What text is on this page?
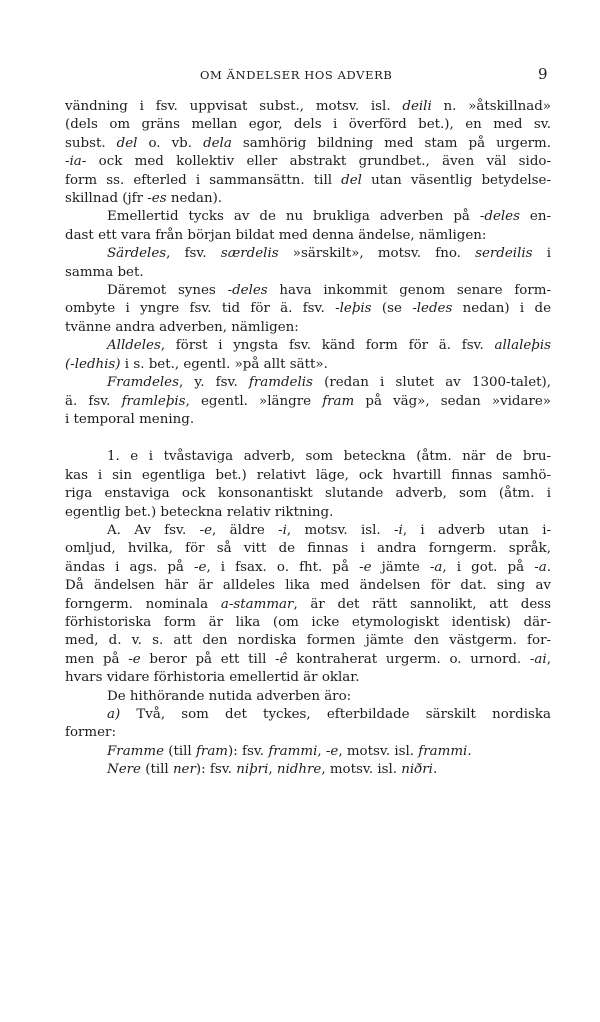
OM ÄNDELSER HOS ADVERB	9
vändning i fsv. uppvisat subst., motsv. isl. deili n. »åtskillnad»
(dels om gräns mellan egor, dels i överförd bet.), en med sv.
subst. del o. vb. dela samhörig bildning med stam på urgerm.
-ia- ock med kollektiv eller abstrakt grundbet., även väl sido-
form ss. efterled i sammansättn. till del utan väsentlig betydelse-
skillnad (jfr -es nedan).
Emellertid tycks av de nu brukliga adverben på -deles en-
dast ett vara från början bildat med denna ändelse, nämligen:
Särdeles, fsv. særdelis »särskilt», motsv. fno. serdeilis i
samma bet.
Däremot synes -deles hava inkommit genom senare form-
ombyte i yngre fsv. tid för ä. fsv. -leþis (se -ledes nedan) i de
tvänne andra adverben, nämligen:
Alldeles, först i yngsta fsv. känd form för ä. fsv. allaleþis
(-ledhis) i s. bet., egentl. »på allt sätt».
Framdeles, y. fsv. framdelis (redan i slutet av 1300-talet),
ä. fsv. framleþis, egentl. »längre fram på väg», sedan »vidare»
i temporal mening.
1. e i tvåstaviga adverb, som beteckna (åtm. när de bru-
kas i sin egentliga bet.) relativt läge, ock hvartill finnas samhö-
riga enstaviga ock konsonantiskt slutande adverb, som (åtm. i
egentlig bet.) beteckna relativ riktning.
A. Av fsv. -e, äldre -i, motsv. isl. -i, i adverb utan i-
omljud, hvilka, för så vitt de finnas i andra forngerm. språk,
ändas i ags. på -e, i fsax. o. fht. på -e jämte -a, i got. på -a.
Då ändelsen här är alldeles lika med ändelsen för dat. sing av
forngerm. nominala a-stammar, är det rätt sannolikt, att dess
förhistoriska form är lika (om icke etymologiskt identisk) där-
med, d. v. s. att den nordiska formen jämte den västgerm. for-
men på -e beror på ett till -ê kontraherat urgerm. o. urnord. -ai,
hvars vidare förhistoria emellertid är oklar.
De hithörande nutida adverben äro:
a) Två, som det tyckes, efterbildade särskilt nordiska
former:
Framme (till fram): fsv. frammi, -e, motsv. isl. frammi.
Nere (till ner): fsv. niþri, nidhre, motsv. isl. niðri.
